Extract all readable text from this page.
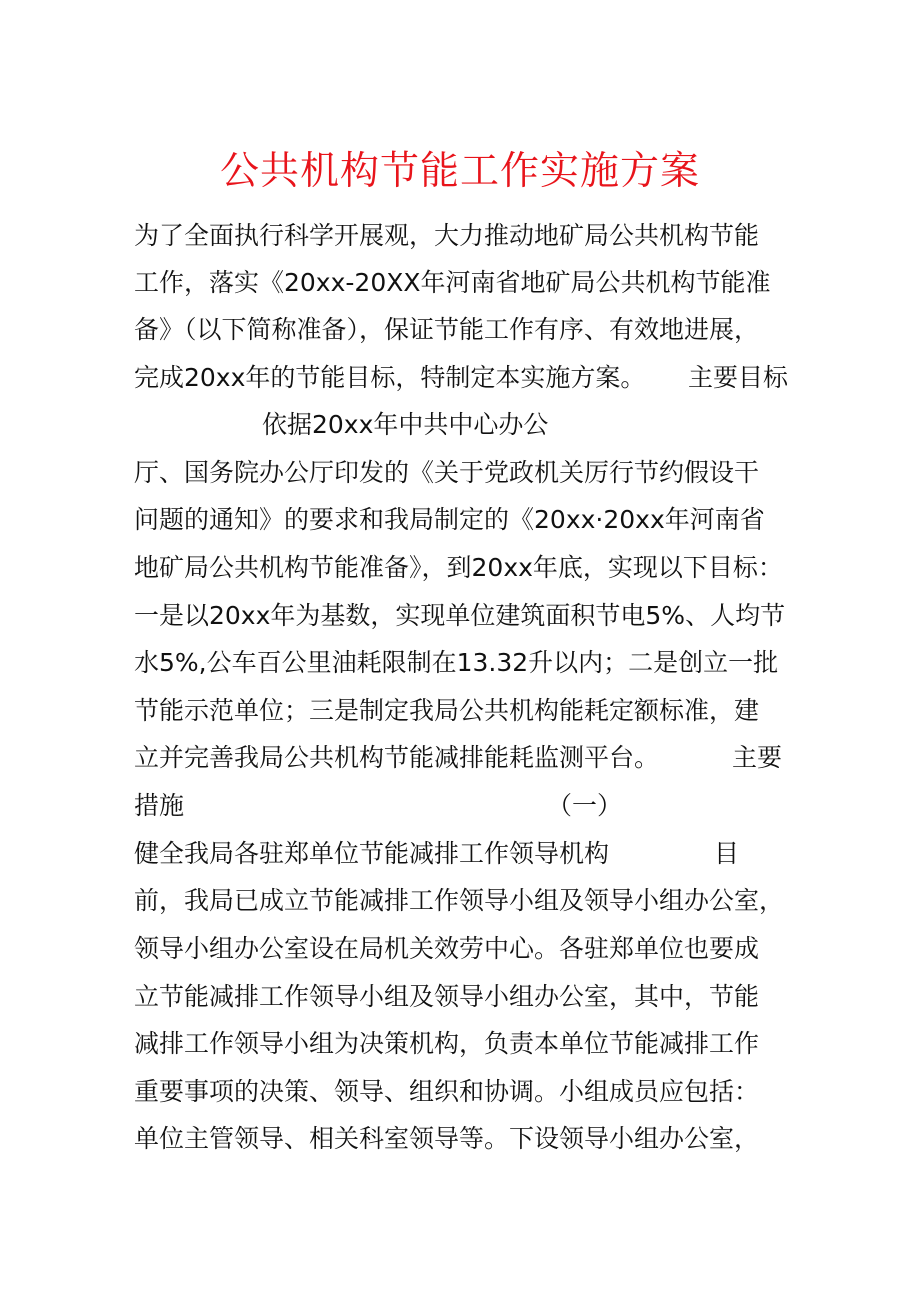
公共机构节能工作实施方案
为了全面执行科学开展观，大力推动地矿局公共机构节能
工作，落实《20xx-20XX年河南省地矿局公共机构节能准
备》（以下简称准备），保证节能工作有序、有效地进展，
完成20xx年的节能目标，特制定本实施方案。 主要目标
依据20xx年中共中心办公
厅、国务院办公厅印发的《关于党政机关厉行节约假设干
问题的通知》的要求和我局制定的《20xx·20xx年河南省
地矿局公共机构节能准备》，到20xx年底，实现以下目标：
一是以20xx年为基数，实现单位建筑面积节电5%、人均节
水5%,公车百公里油耗限制在13.32升以内；二是创立一批
节能示范单位；三是制定我局公共机构能耗定额标准，建
立并完善我局公共机构节能减排能耗监测平台。	主要
措施	（一）
健全我局各驻郑单位节能减排工作领导机构	目
前，我局已成立节能减排工作领导小组及领导小组办公室，
领导小组办公室设在局机关效劳中心。各驻郑单位也要成
立节能减排工作领导小组及领导小组办公室，其中，节能
减排工作领导小组为决策机构，负责本单位节能减排工作
重要事项的决策、领导、组织和协调。小组成员应包括：
单位主管领导、相关科室领导等。下设领导小组办公室，
